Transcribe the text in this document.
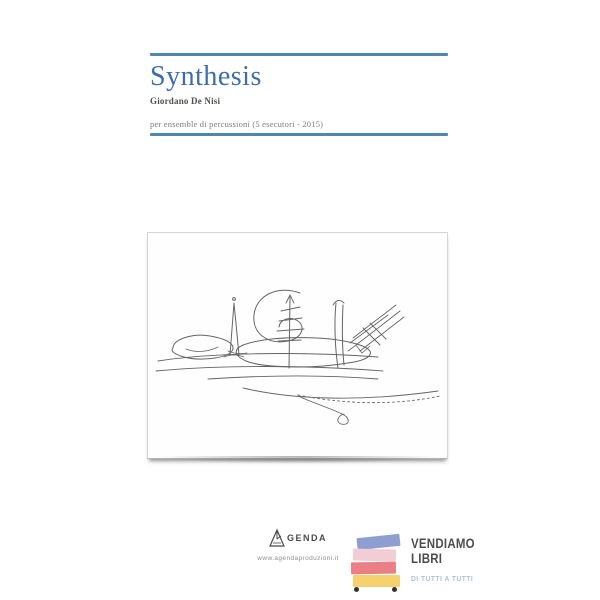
Synthesis

Giordano De Nisi

per ensemble di percussioni (5 esecutori - 2015)

GENDA
www.agendaproduzioni.it
VENDIAMO
LIBRI
DI TUTTI A TUTTI
